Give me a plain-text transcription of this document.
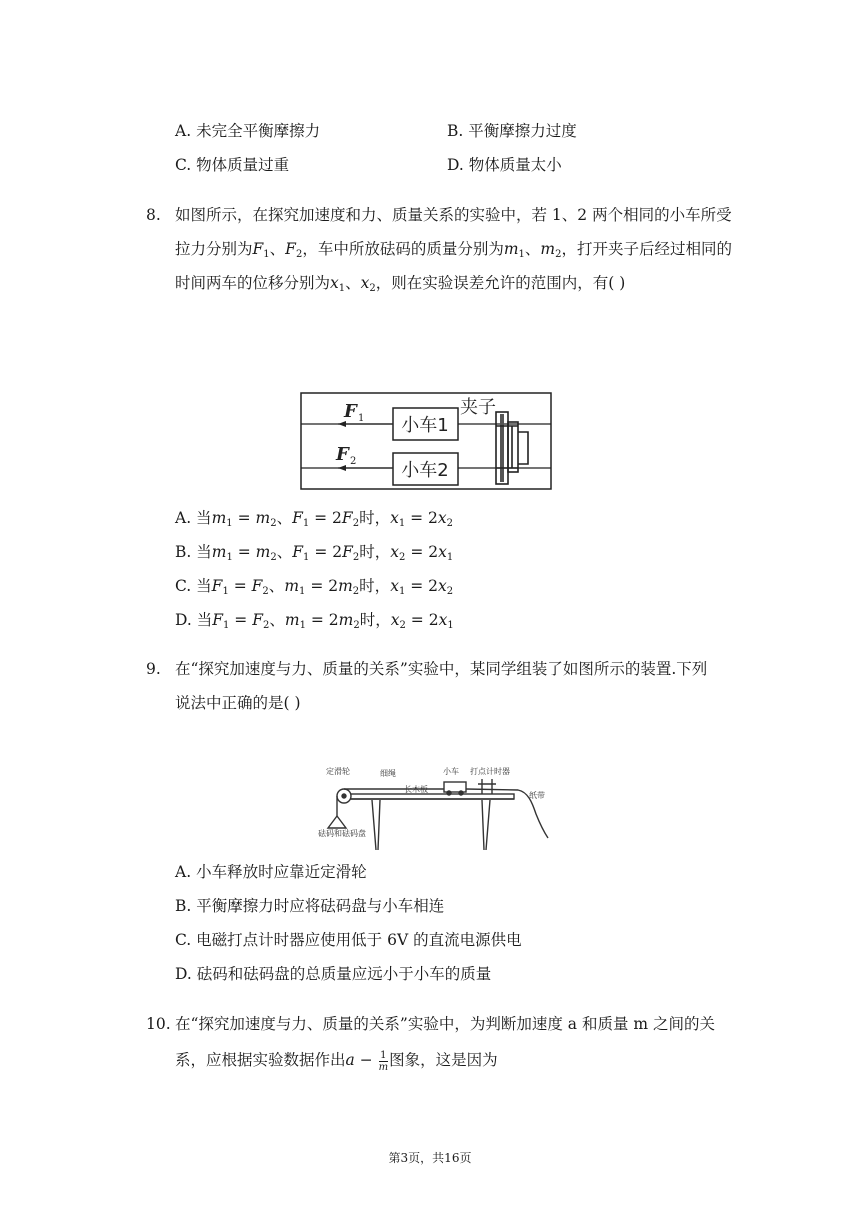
A. 未完全平衡摩擦力	B. 平衡摩擦力过度
C. 物体质量过重	D. 物体质量太小
8. 如图所示，在探究加速度和力、质量关系的实验中，若 1、2 两个相同的小车所受
拉力分别为$F_1$、$F_2$，车中所放砝码的质量分别为$m_1$、$m_2$，打开夹子后经过相同的
时间两车的位移分别为$x_1$、$x_2$，则在实验误差允许的范围内，有( )
F 1
F 2
小车1
小车2
夹子
A. 当$m_1 = m_2$、$F_1 = 2F_2$时，$x_1 = 2x_2$
B. 当$m_1 = m_2$、$F_1 = 2F_2$时，$x_2 = 2x_1$
C. 当$F_1 = F_2$、$m_1 = 2m_2$时，$x_1 = 2x_2$
D. 当$F_1 = F_2$、$m_1 = 2m_2$时，$x_2 = 2x_1$
9. 在“探究加速度与力、质量的关系”实验中，某同学组装了如图所示的装置.下列
说法中正确的是( )
定滑轮	细绳	小车 打点计时器
长木板
纸带
砝码和砝码盘
A. 小车释放时应靠近定滑轮
B. 平衡摩擦力时应将砝码盘与小车相连
C. 电磁打点计时器应使用低于 6V 的直流电源供电
D. 砝码和砝码盘的总质量应远小于小车的质量
10. 在“探究加速度与力、质量的关系”实验中，为判断加速度 a 和质量 m 之间的关
系，应根据实验数据作出$a - \frac{1}{m}$ 图象，这是因为
第3页，共16页
